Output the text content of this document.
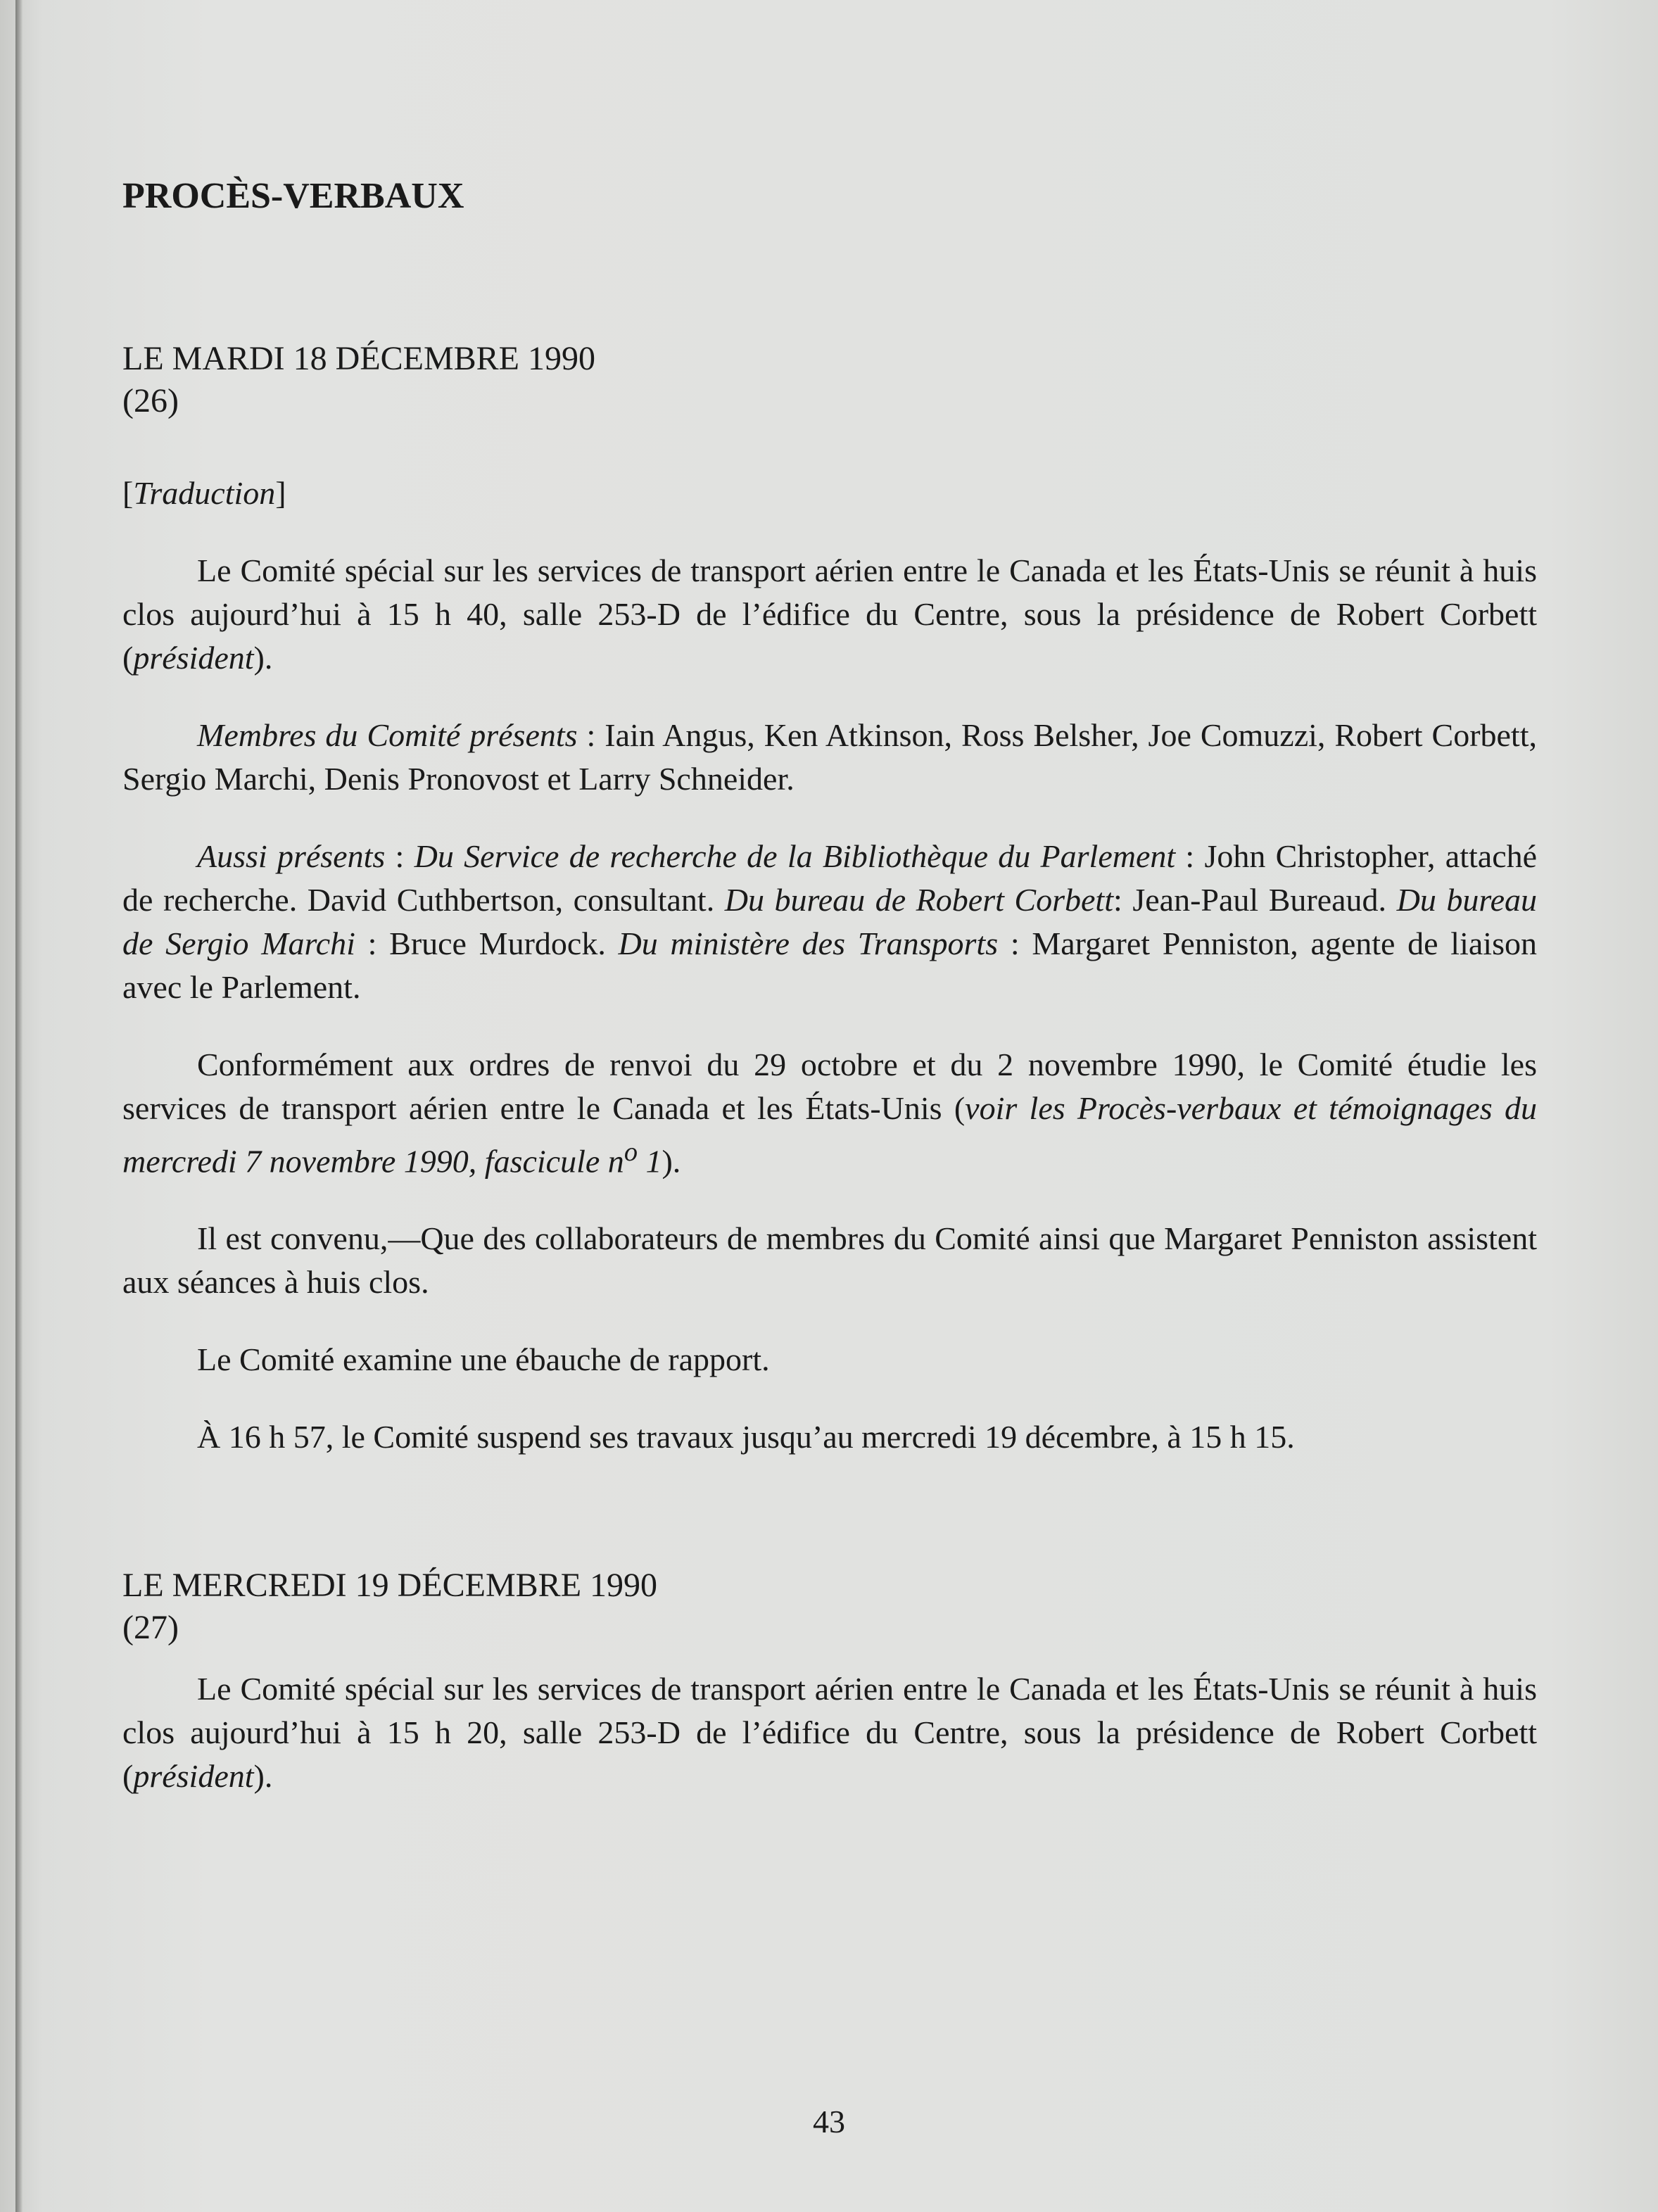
PROCÈS-VERBAUX
LE MARDI 18 DÉCEMBRE 1990
(26)
[Traduction]

Le Comité spécial sur les services de transport aérien entre le Canada et les États-Unis se réunit à huis clos aujourd’hui à 15 h 40, salle 253-D de l’édifice du Centre, sous la présidence de Robert Corbett (président).

Membres du Comité présents : Iain Angus, Ken Atkinson, Ross Belsher, Joe Comuzzi, Robert Corbett, Sergio Marchi, Denis Pronovost et Larry Schneider.

Aussi présents : Du Service de recherche de la Bibliothèque du Parlement : John Christopher, attaché de recherche. David Cuthbertson, consultant. Du bureau de Robert Corbett: Jean-Paul Bureaud. Du bureau de Sergio Marchi : Bruce Murdock. Du ministère des Transports : Margaret Penniston, agente de liaison avec le Parlement.

Conformément aux ordres de renvoi du 29 octobre et du 2 novembre 1990, le Comité étudie les services de transport aérien entre le Canada et les États-Unis (voir les Procès-verbaux et témoignages du mercredi 7 novembre 1990, fascicule $n^o$ 1).

Il est convenu,—Que des collaborateurs de membres du Comité ainsi que Margaret Penniston assistent aux séances à huis clos.

Le Comité examine une ébauche de rapport.

À 16 h 57, le Comité suspend ses travaux jusqu’au mercredi 19 décembre, à 15 h 15.

LE MERCREDI 19 DÉCEMBRE 1990
(27)

Le Comité spécial sur les services de transport aérien entre le Canada et les États-Unis se réunit à huis clos aujourd’hui à 15 h 20, salle 253-D de l’édifice du Centre, sous la présidence de Robert Corbett (président).

43
